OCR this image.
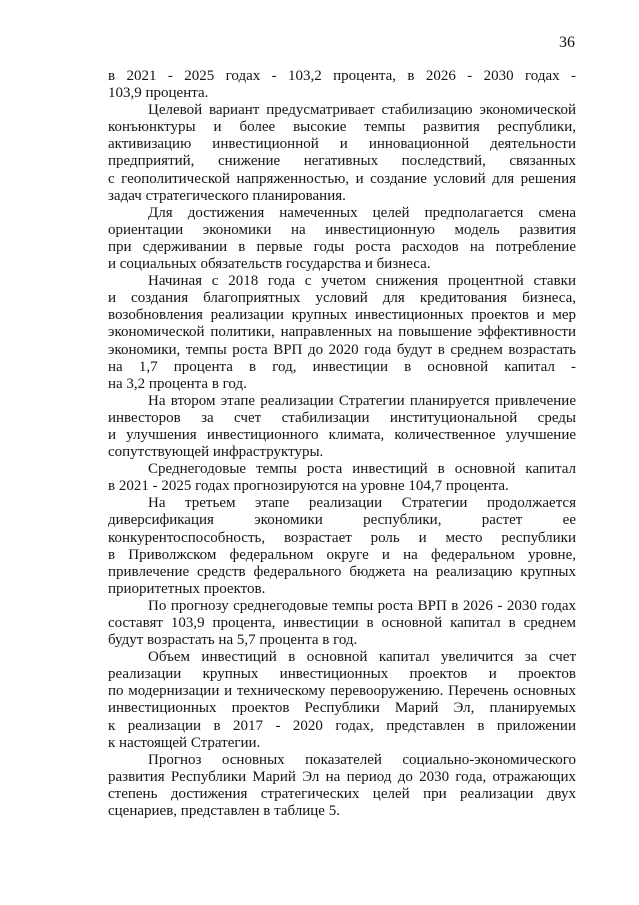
36

в 2021 - 2025 годах - 103,2 процента, в 2026 - 2030 годах -
103,9 процента.

Целевой вариант предусматривает стабилизацию экономической
конъюнктуры и более высокие темпы развития республики,
активизацию инвестиционной и инновационной деятельности
предприятий, снижение негативных последствий, связанных
с геополитической напряженностью, и создание условий для решения
задач стратегического планирования.

Для достижения намеченных целей предполагается смена
ориентации экономики на инвестиционную модель развития
при сдерживании в первые годы роста расходов на потребление
и социальных обязательств государства и бизнеса.

Начиная с 2018 года с учетом снижения процентной ставки
и создания благоприятных условий для кредитования бизнеса,
возобновления реализации крупных инвестиционных проектов и мер
экономической политики, направленных на повышение эффективности
экономики, темпы роста ВРП до 2020 года будут в среднем возрастать
на 1,7 процента в год, инвестиции в основной капитал -
на 3,2 процента в год.

На втором этапе реализации Стратегии планируется привлечение
инвесторов за счет стабилизации институциональной среды
и улучшения инвестиционного климата, количественное улучшение
сопутствующей инфраструктуры.

Среднегодовые темпы роста инвестиций в основной капитал
в 2021 - 2025 годах прогнозируются на уровне 104,7 процента.

На третьем этапе реализации Стратегии продолжается
диверсификация экономики республики, растет ее
конкурентоспособность, возрастает роль и место республики
в Приволжском федеральном округе и на федеральном уровне,
привлечение средств федерального бюджета на реализацию крупных
приоритетных проектов.

По прогнозу среднегодовые темпы роста ВРП в 2026 - 2030 годах
составят 103,9 процента, инвестиции в основной капитал в среднем
будут возрастать на 5,7 процента в год.

Объем инвестиций в основной капитал увеличится за счет
реализации крупных инвестиционных проектов и проектов
по модернизации и техническому перевооружению. Перечень основных
инвестиционных проектов Республики Марий Эл, планируемых
к реализации в 2017 - 2020 годах, представлен в приложении
к настоящей Стратегии.

Прогноз основных показателей социально-экономического
развития Республики Марий Эл на период до 2030 года, отражающих
степень достижения стратегических целей при реализации двух
сценариев, представлен в таблице 5.
